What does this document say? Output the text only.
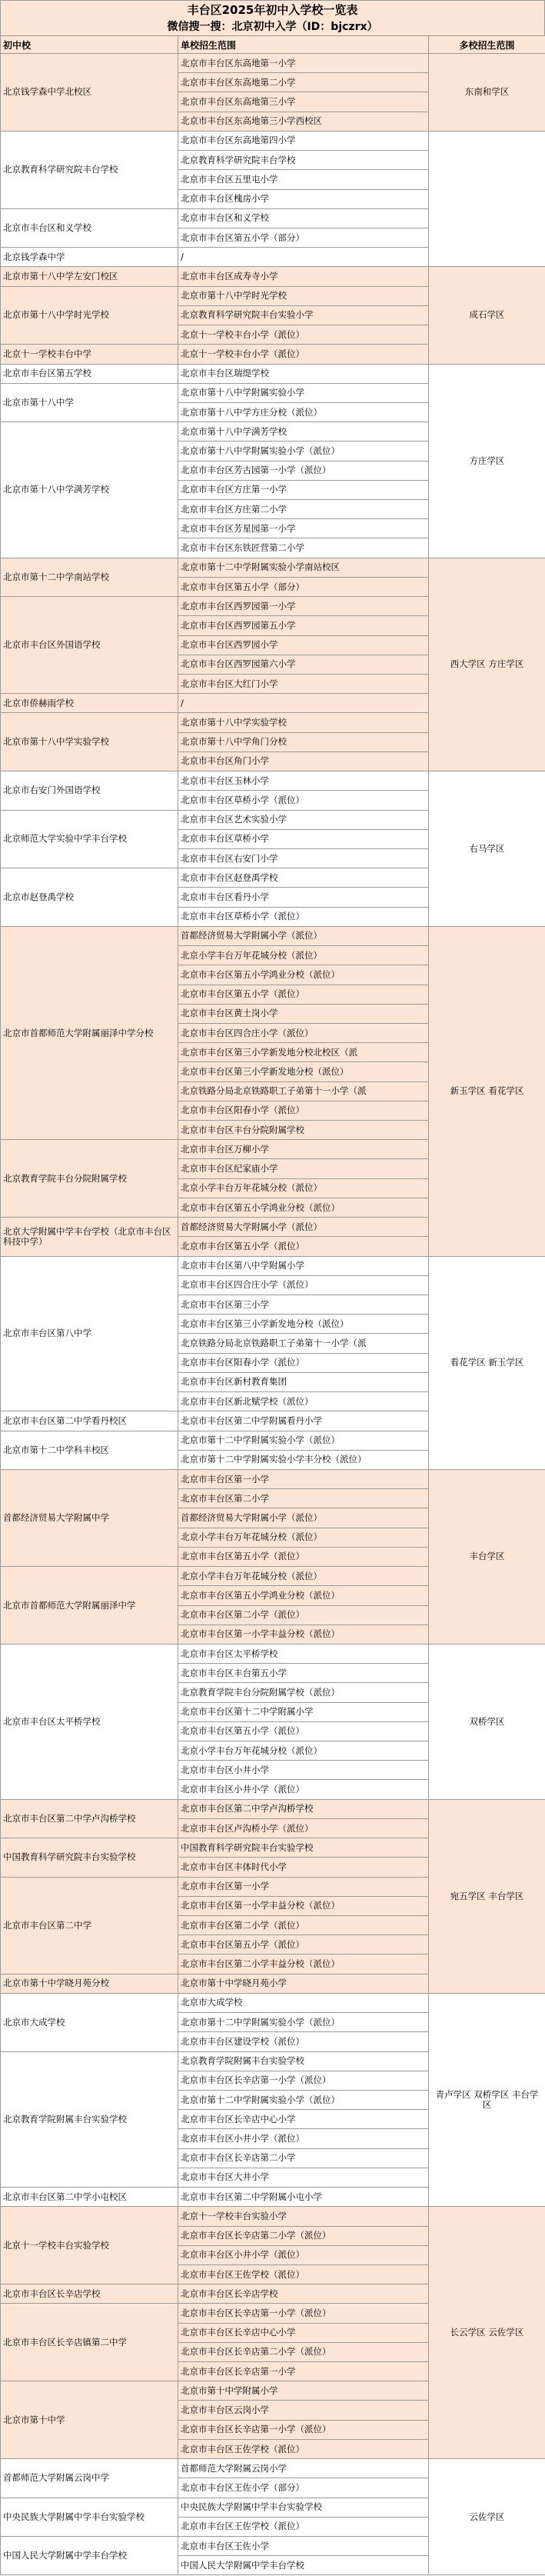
丰台区2025年初中入学校一览表
微信搜一搜：北京初中入学（ID：bjczrx）
初中校	单校招生范围	多校招生范围
北京钱学森中学北校区	北京市丰台区东高地第一小学	东南和学区
	北京市丰台区东高地第二小学	
	北京市丰台区东高地第三小学	
	北京市丰台区东高地第三小学西校区	
北京教育科学研究院丰台学校	北京市丰台区东高地第四小学	
	北京教育科学研究院丰台学校	
	北京市丰台区五里屯小学	
	北京市丰台区槐房小学	
北京市丰台区和义学校	北京市丰台区和义学校	
	北京市丰台区第五小学（部分）	
北京钱学森中学	/	
北京市第十八中学左安门校区	北京市丰台区成寿寺小学	成石学区
北京市第十八中学时光学校	北京市第十八中学时光学校	
	北京教育科学研究院丰台实验小学	
	北京十一学校丰台小学（派位）	
北京十一学校丰台中学	北京十一学校丰台小学（派位）	
北京市丰台区第五学校	北京市丰台区瑞缇学校	方庄学区
北京市第十八中学	北京市第十八中学附属实验小学	
	北京市第十八中学方庄分校（派位）	
北京市第十八中学满芳学校	北京市第十八中学满芳学校	
	北京市第十八中学附属实验小学（派位）	
	北京市丰台区芳古园第一小学（派位）	
	北京市丰台区方庄第一小学	
	北京市丰台区方庄第二小学	
	北京市丰台区芳星园第一小学	
	北京市丰台区东铁匠营第二小学	
北京市第十二中学南站学校	北京市第十二中学附属实验小学南站校区	西大学区 方庄学区
	北京市丰台区第五小学（部分）	
北京市丰台区外国语学校	北京市丰台区西罗园第一小学	
	北京市丰台区西罗园第五小学	
	北京市丰台区西罗园小学	
	北京市丰台区西罗园第六小学	
	北京市丰台区大红门小学	
北京市侨赫雨学校	/	
北京市第十八中学实验学校	北京市第十八中学实验学校	
	北京市第十八中学角门分校	
	北京市丰台区角门小学	
北京市右安门外国语学校	北京市丰台区玉林小学	右马学区
	北京市丰台区草桥小学（派位）	
北京师范大学实验中学丰台学校	北京市丰台区艺术实验小学	
	北京市丰台区草桥小学	
	北京市丰台区右安门小学	
北京市赵登禹学校	北京市丰台区赵登禹学校	
	北京市丰台区看丹小学	
	北京市丰台区草桥小学（派位）	
北京市首都师范大学附属丽泽中学分校	首都经济贸易大学附属小学（派位）	新玉学区 看花学区
	北京小学丰台万年花城分校（派位）	
	北京市丰台区第五小学鸿业分校（派位）	
	北京市丰台区第五小学（派位）	
	北京市丰台区黄土岗小学	
	北京市丰台区四合庄小学（派位）	
	北京市丰台区第三小学新发地分校北校区（派	
	北京市丰台区第三小学新发地分校（派位）	
	北京铁路分局北京铁路职工子弟第十一小学（派	
	北京市丰台区阳春小学（派位）	
	北京市丰台区丰台分院附属学校	
北京教育学院丰台分院附属学校	北京市丰台区万柳小学	
	北京市丰台区纪家庙小学	
	北京小学丰台万年花城分校（派位）	
	北京市丰台区第五小学鸿业分校（派位）	
北京大学附属中学丰台学校（北京市丰台区科技中学）	首都经济贸易大学附属小学（派位）	
	北京市丰台区第五小学（派位）	
北京市丰台区第八中学	北京市丰台区第八中学附属小学	看花学区 新玉学区
	北京市丰台区四合庄小学（派位）	
	北京市丰台区第三小学	
	北京市丰台区第三小学新发地分校（派位）	
	北京铁路分局北京铁路职工子弟第十一小学（派	
	北京市丰台区阳春小学（派位）	
	北京市丰台区新村教育集团	
	北京市丰台区新北赋学校（派位）	
北京市丰台区第二中学看丹校区	北京市丰台区第二中学附属看丹小学	
北京市第十二中学科丰校区	北京市第十二中学附属实验小学（派位）	
	北京市第十二中学附属实验小学丰分校（派位）	
首都经济贸易大学附属中学	北京市丰台区第一小学	丰台学区
	北京市丰台区第二小学	
	首都经济贸易大学附属小学（派位）	
	北京小学丰台万年花城分校（派位）	
	北京市丰台区第五小学（派位）	
北京市首都师范大学附属丽泽中学	北京小学丰台万年花城分校（派位）	
	北京市丰台区第五小学鸿业分校（派位）	
	北京市丰台区第二小学（派位）	
	北京市丰台区第一小学丰益分校（派位）	
北京市丰台区太平桥学校	北京市丰台区太平桥学校	双桥学区
	北京市丰台区丰台第五小学	
	北京教育学院丰台分院附属学校（派位）	
	北京市丰台区第十二中学附属小学	
	北京市丰台区第五小学（派位）	
	北京小学丰台万年花城分校（派位）	
	北京市丰台区小井小学	
	北京市丰台区小井小学（派位）	
北京市丰台区第二中学卢沟桥学校	北京市丰台区第二中学卢沟桥学校	宛五学区 丰台学区
	北京市丰台区卢沟桥小学（派位）	
中国教育科学研究院丰台实验学校	中国教育科学研究院丰台实验学校	
	北京市丰台区丰体时代小学	
北京市丰台区第二中学	北京市丰台区第一小学	
	北京市丰台区第一小学丰益分校（派位）	
	北京市丰台区第二小学（派位）	
	北京市丰台区第五小学（派位）	
	北京市丰台区第二小学丰益分校（派位）	
北京市第十中学晓月苑分校	北京市第十中学晓月苑小学	
北京市大成学校	北京市大成学校	青卢学区 双桥学区 丰台学区
	北京市第十二中学附属实验小学（派位）	
	北京市丰台区建设学校（派位）	
北京教育学院附属丰台实验学校	北京教育学院附属丰台实验学校	
	北京市丰台区长辛店第一小学（派位）	
	北京市第十二中学附属实验小学（派位）	
	北京市丰台区长辛店中心小学	
	北京市丰台区小井小学（派位）	
	北京市丰台区长辛店第二小学	
	北京市丰台区大井小学	
北京市丰台区第二中学小屯校区	北京市丰台区第二中学附属小屯小学	
北京十一学校丰台实验学校	北京十一学校丰台实验小学	长云学区 云佐学区
	北京市丰台区长辛店第二小学（派位）	
	北京市丰台区小井小学（派位）	
	北京市丰台区王佐学校（派位）	
北京市丰台区长辛店学校	北京市丰台区长辛店学校	
北京市丰台区长辛店镇第二中学	北京市丰台区长辛店第一小学（派位）	
	北京市丰台区长辛店中心小学	
	北京市丰台区长辛店第二小学（派位）	
	北京市丰台区长辛店第一小学	
北京市第十中学	北京市第十中学附属小学	
	北京市丰台区云岗小学	
	北京市丰台区长辛店第一小学（派位）	
	北京市丰台区王佐学校（派位）	
首都师范大学附属云岗中学	首都师范大学附属云岗小学	云佐学区
	北京市丰台区王佐小学（部分）	
中央民族大学附属中学丰台实验学校	中央民族大学附属中学丰台实验学校	
	北京市丰台区王佐学校（派位）	
中国人民大学附属中学丰台学校	北京市丰台区王佐小学	
	中国人民大学附属中学丰台学校	
